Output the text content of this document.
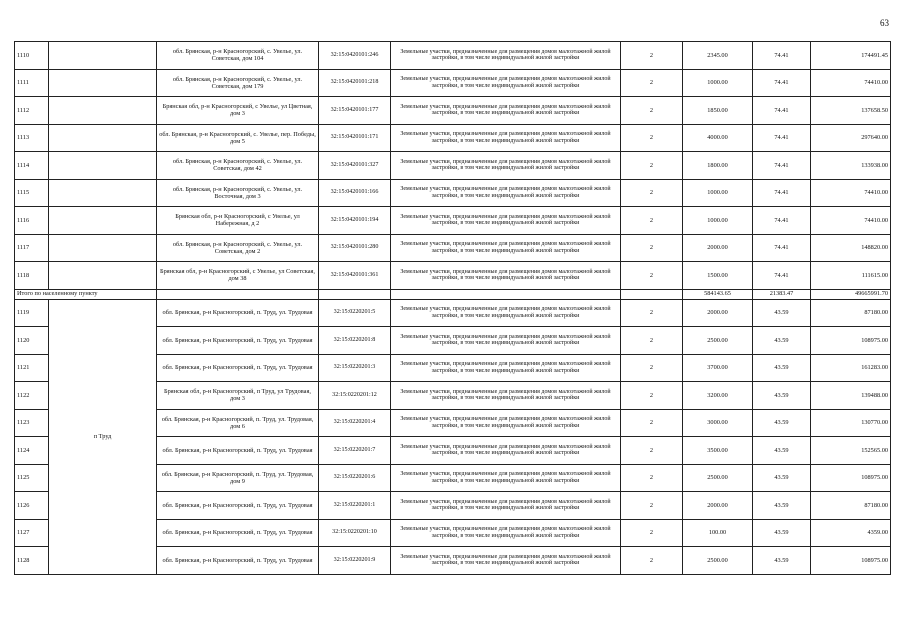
63
1110		обл. Брянская, р-н Красногорский, с. Увелье, ул. Советская, дом 104	32:15:0420101:246	Земельные участки, предназначенные для размещения домов малоэтажной жилой застройки, в том числе индивидуальной жилой застройки	2	2345.00	74.41	174491.45
1111		обл. Брянская, р-н Красногорский, с. Увелье, ул. Советская, дом 179	32:15:0420101:218	Земельные участки, предназначенные для размещения домов малоэтажной жилой застройки, в том числе индивидуальной жилой застройки	2	1000.00	74.41	74410.00
1112		Брянская обл, р-н Красногорский, с Увелье, ул Цветная, дом 3	32:15:0420101:177	Земельные участки, предназначенные для размещения домов малоэтажной жилой застройки, в том числе индивидуальной жилой застройки	2	1850.00	74.41	137658.50
1113		обл. Брянская, р-н Красногорский, с. Увелье, пер. Победы, дом 5	32:15:0420101:171	Земельные участки, предназначенные для размещения домов малоэтажной жилой застройки, в том числе индивидуальной жилой застройки	2	4000.00	74.41	297640.00
1114		обл. Брянская, р-н Красногорский, с. Увелье, ул. Советская, дом 42	32:15:0420101:327	Земельные участки, предназначенные для размещения домов малоэтажной жилой застройки, в том числе индивидуальной жилой застройки	2	1800.00	74.41	133938.00
1115		обл. Брянская, р-н Красногорский, с. Увелье, ул. Восточная, дом 3	32:15:0420101:166	Земельные участки, предназначенные для размещения домов малоэтажной жилой застройки, в том числе индивидуальной жилой застройки	2	1000.00	74.41	74410.00
1116		Брянская обл, р-н Красногорский, с Увелье, ул Набережная, д 2	32:15:0420101:194	Земельные участки, предназначенные для размещения домов малоэтажной жилой застройки, в том числе индивидуальной жилой застройки	2	1000.00	74.41	74410.00
1117		обл. Брянская, р-н Красногорский, с. Увелье, ул. Советская, дом 2	32:15:0420101:280	Земельные участки, предназначенные для размещения домов малоэтажной жилой застройки, в том числе индивидуальной жилой застройки	2	2000.00	74.41	148820.00
1118		Брянская обл, р-н Красногорский, с Увелье, ул Советская, дом 38	32:15:0420101:361	Земельные участки, предназначенные для размещения домов малоэтажной жилой застройки, в том числе индивидуальной жилой застройки	2	1500.00	74.41	111615.00
Итого по населенному пункту						584143.65	21383.47	49665991.70
1119	п Труд	обл. Брянская, р-н Красногорский, п. Труд, ул. Трудовая	32:15:0220201:5	Земельные участки, предназначенные для размещения домов малоэтажной жилой застройки, в том числе индивидуальной жилой застройки	2	2000.00	43.59	87180.00
1120		обл. Брянская, р-н Красногорский, п. Труд, ул. Трудовая	32:15:0220201:8	Земельные участки, предназначенные для размещения домов малоэтажной жилой застройки, в том числе индивидуальной жилой застройки	2	2500.00	43.59	108975.00
1121		обл. Брянская, р-н Красногорский, п. Труд, ул. Трудовая	32:15:0220201:3	Земельные участки, предназначенные для размещения домов малоэтажной жилой застройки, в том числе индивидуальной жилой застройки	2	3700.00	43.59	161283.00
1122		Брянская обл, р-н Красногорский, п Труд, ул Трудовая, дом 3	32:15:0220201:12	Земельные участки, предназначенные для размещения домов малоэтажной жилой застройки, в том числе индивидуальной жилой застройки	2	3200.00	43.59	139488.00
1123		обл. Брянская, р-н Красногорский, п. Труд, ул. Трудовая, дом 6	32:15:0220201:4	Земельные участки, предназначенные для размещения домов малоэтажной жилой застройки, в том числе индивидуальной жилой застройки	2	3000.00	43.59	130770.00
1124		обл. Брянская, р-н Красногорский, п. Труд, ул. Трудовая	32:15:0220201:7	Земельные участки, предназначенные для размещения домов малоэтажной жилой застройки, в том числе индивидуальной жилой застройки	2	3500.00	43.59	152565.00
1125		обл. Брянская, р-н Красногорский, п. Труд, ул. Трудовая, дом 9	32:15:0220201:6	Земельные участки, предназначенные для размещения домов малоэтажной жилой застройки, в том числе индивидуальной жилой застройки	2	2500.00	43.59	108975.00
1126		обл. Брянская, р-н Красногорский, п. Труд, ул. Трудовая	32:15:0220201:1	Земельные участки, предназначенные для размещения домов малоэтажной жилой застройки, в том числе индивидуальной жилой застройки	2	2000.00	43.59	87180.00
1127		обл. Брянская, р-н Красногорский, п. Труд, ул. Трудовая	32:15:0220201:10	Земельные участки, предназначенные для размещения домов малоэтажной жилой застройки, в том числе индивидуальной жилой застройки	2	100.00	43.59	4359.00
1128		обл. Брянская, р-н Красногорский, п. Труд, ул. Трудовая	32:15:0220201:9	Земельные участки, предназначенные для размещения домов малоэтажной жилой застройки, в том числе индивидуальной жилой застройки	2	2500.00	43.59	108975.00
